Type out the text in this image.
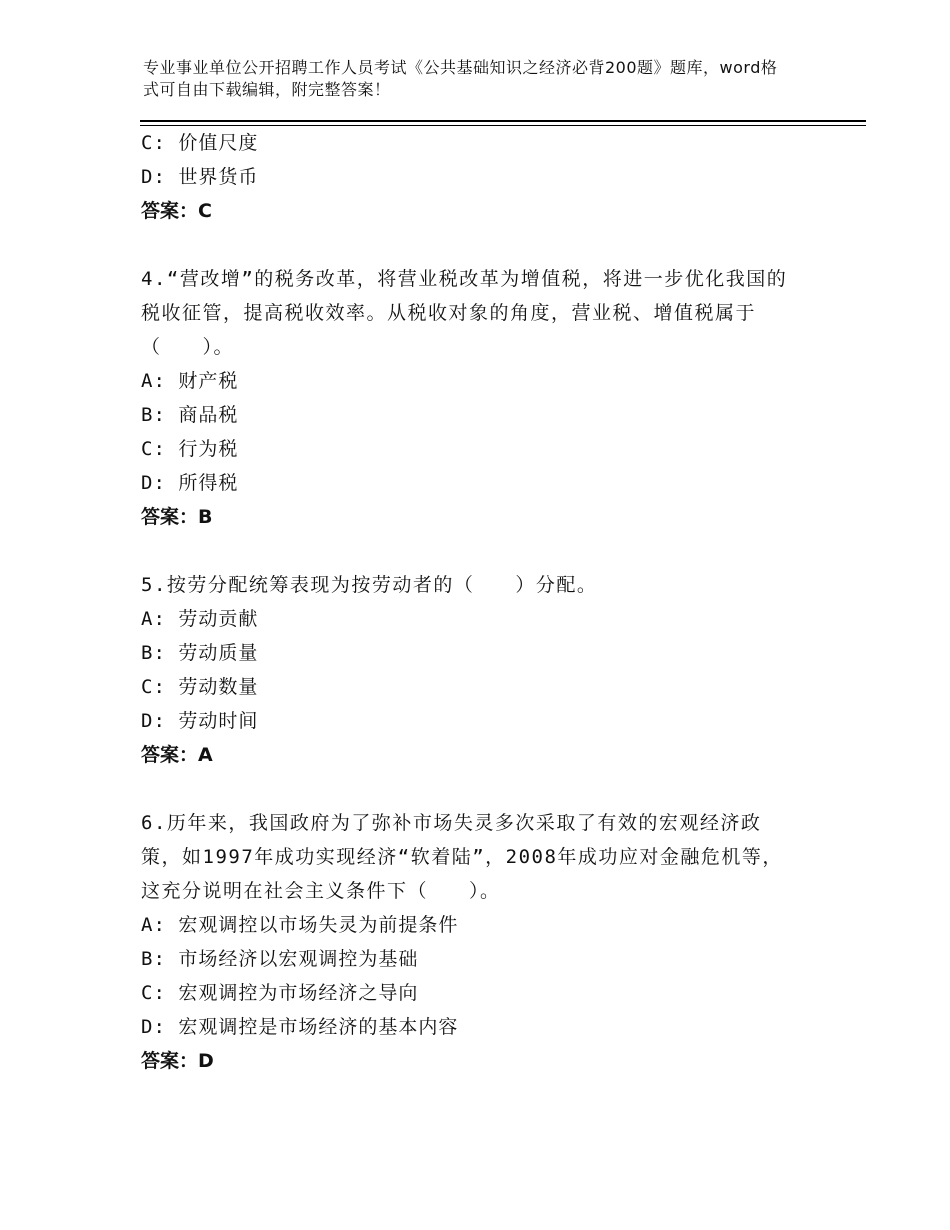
专业事业单位公开招聘工作人员考试《公共基础知识之经济必背200题》题库，word格式可自由下载编辑，附完整答案！
C: 价值尺度
D: 世界货币
答案：C
4.“营改增”的税务改革，将营业税改革为增值税，将进一步优化我国的税收征管，提高税收效率。从税收对象的角度，营业税、增值税属于（　　）。
A: 财产税
B: 商品税
C: 行为税
D: 所得税
答案：B
5.按劳分配统筹表现为按劳动者的（　　）分配。
A: 劳动贡献
B: 劳动质量
C: 劳动数量
D: 劳动时间
答案：A
6.历年来，我国政府为了弥补市场失灵多次采取了有效的宏观经济政策，如1997年成功实现经济“软着陆”，2008年成功应对金融危机等，这充分说明在社会主义条件下（　　）。
A: 宏观调控以市场失灵为前提条件
B: 市场经济以宏观调控为基础
C: 宏观调控为市场经济之导向
D: 宏观调控是市场经济的基本内容
答案：D
